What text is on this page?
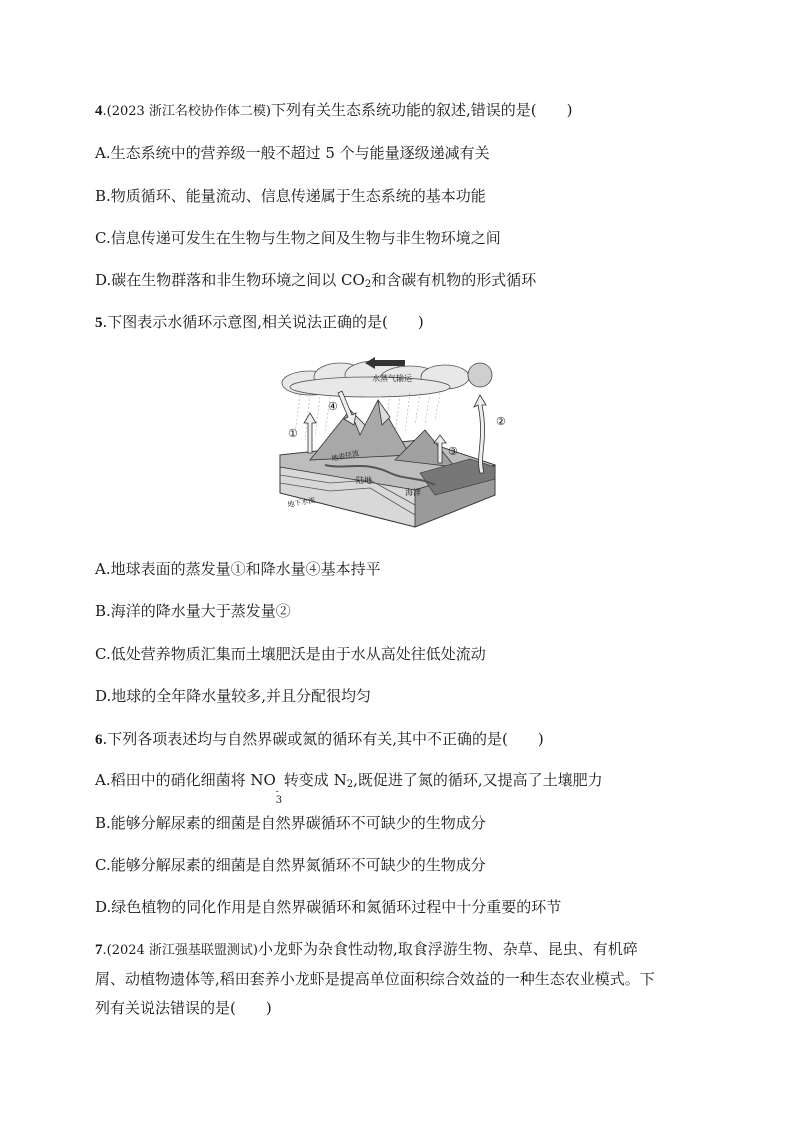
4.(2023 浙江名校协作体二模)下列有关生态系统功能的叙述,错误的是(　　)
A.生态系统中的营养级一般不超过 5 个与能量逐级递减有关
B.物质循环、能量流动、信息传递属于生态系统的基本功能
C.信息传递可发生在生物与生物之间及生物与非生物环境之间
D.碳在生物群落和非生物环境之间以 $CO_2$和含碳有机物的形式循环
5.下图表示水循环示意图,相关说法正确的是(　　)
水蒸气输运
①
②
③
④
地表径流
陆地
海洋
地下水流
A.地球表面的蒸发量①和降水量④基本持平
B.海洋的降水量大于蒸发量②
C.低处营养物质汇集而土壤肥沃是由于水从高处往低处流动
D.地球的全年降水量较多,并且分配很均匀
6.下列各项表述均与自然界碳或氮的循环有关,其中不正确的是(　　)
A.稻田中的硝化细菌将 NO
-
3
转变成 $N_2$,既促进了氮的循环,又提高了土壤肥力
B.能够分解尿素的细菌是自然界碳循环不可缺少的生物成分
C.能够分解尿素的细菌是自然界氮循环不可缺少的生物成分
D.绿色植物的同化作用是自然界碳循环和氮循环过程中十分重要的环节
7.(2024 浙江强基联盟测试)小龙虾为杂食性动物,取食浮游生物、杂草、昆虫、有机碎
屑、动植物遗体等,稻田套养小龙虾是提高单位面积综合效益的一种生态农业模式。下
列有关说法错误的是(　　)
